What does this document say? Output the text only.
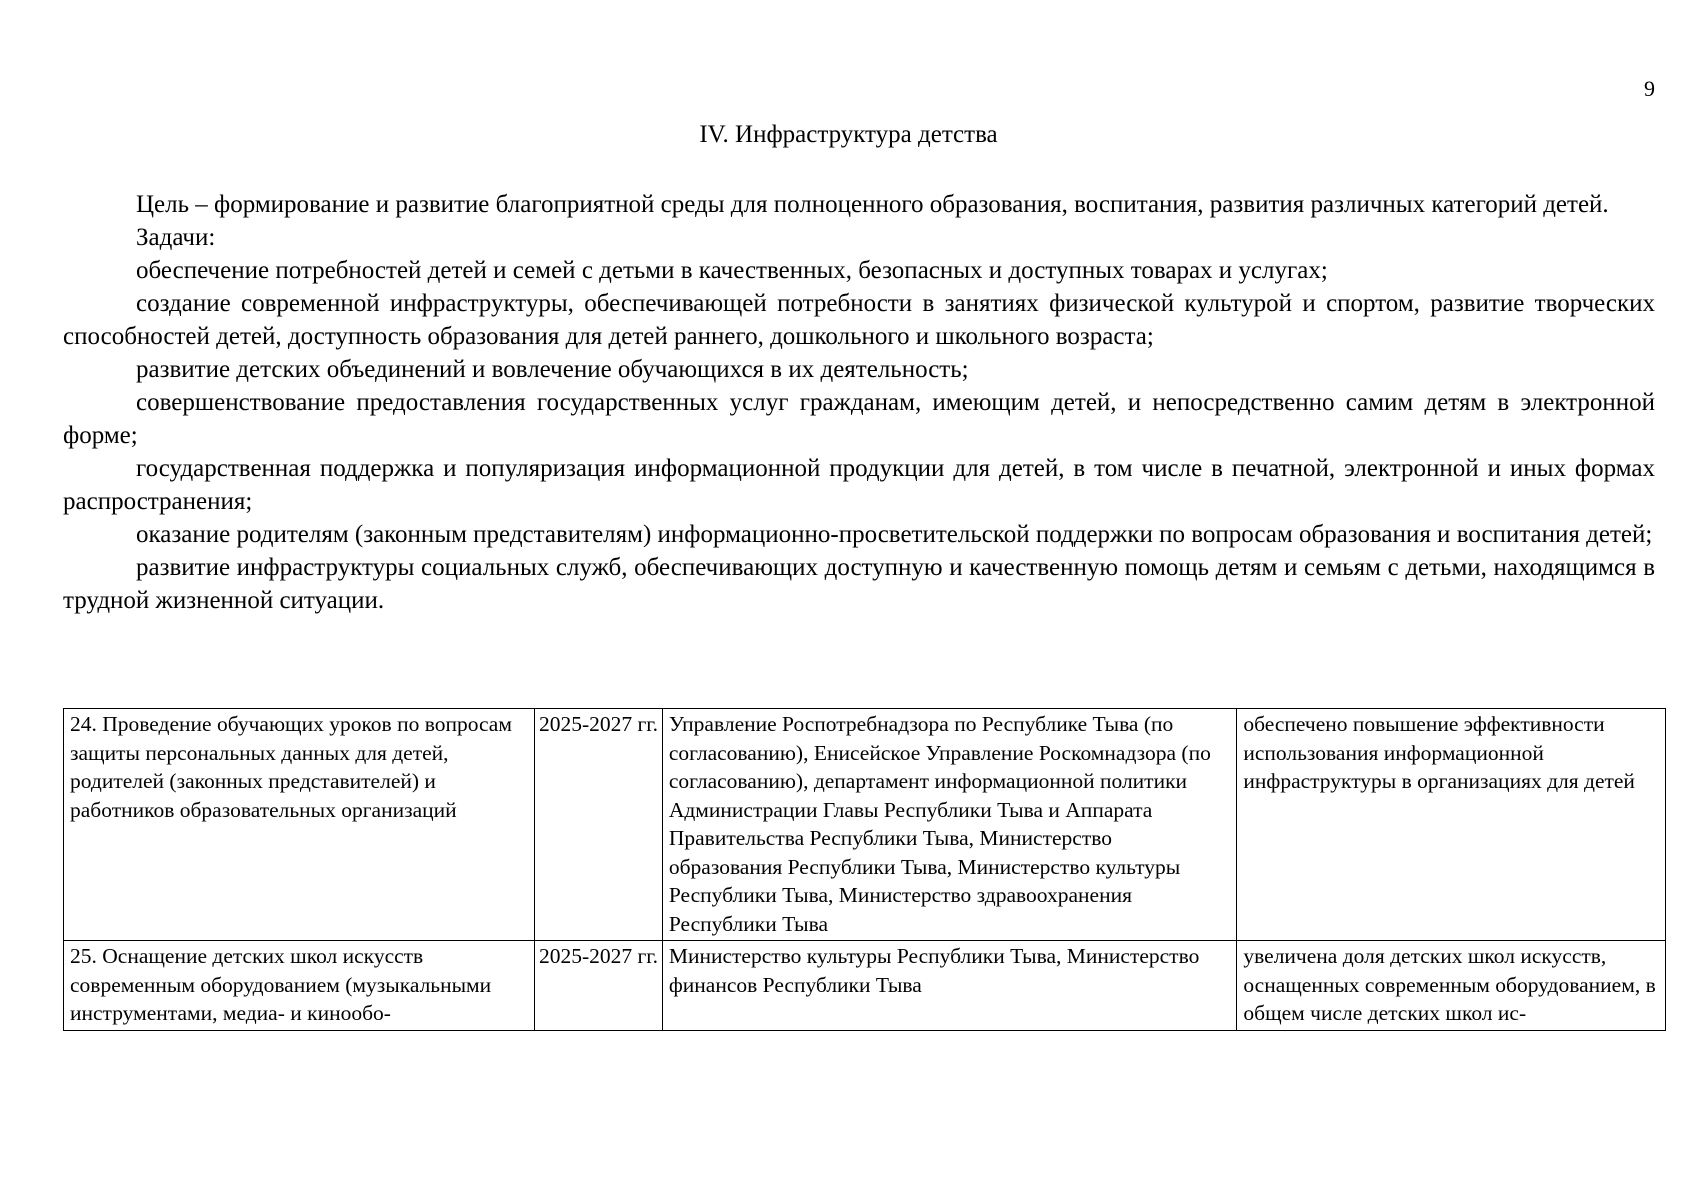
9
IV. Инфраструктура детства

Цель – формирование и развитие благоприятной среды для полноценного образования, воспитания, развития различных категорий детей.

Задачи:

обеспечение потребностей детей и семей с детьми в качественных, безопасных и доступных товарах и услугах;

создание современной инфраструктуры, обеспечивающей потребности в занятиях физической культурой и спортом, развитие творческих способностей детей, доступность образования для детей раннего, дошкольного и школьного возраста;

развитие детских объединений и вовлечение обучающихся в их деятельность;

совершенствование предоставления государственных услуг гражданам, имеющим детей, и непосредственно самим детям в электронной форме;

государственная поддержка и популяризация информационной продукции для детей, в том числе в печатной, электронной и иных формах распространения;

оказание родителям (законным представителям) информационно-просветительской поддержки по вопросам образования и воспитания детей;

развитие инфраструктуры социальных служб, обеспечивающих доступную и качественную помощь детям и семьям с детьми, находящимся в трудной жизненной ситуации.

24. Проведение обучающих уроков по вопросам защиты персональных данных для детей, родителей (законных представителей) и работников образовательных организаций	2025-2027 гг.	Управление Роспотребнадзора по Республике Тыва (по согласованию), Енисейское Управление Роскомнадзора (по согласованию), департамент информационной политики Администрации Главы Республики Тыва и Аппарата Правительства Республики Тыва, Министерство образования Республики Тыва, Министерство культуры Республики Тыва, Министерство здравоохранения Республики Тыва	обеспечено повышение эффективности использования информационной инфраструктуры в организациях для детей
25. Оснащение детских школ искусств современным оборудованием (музыкальными инструментами, медиа- и кинообо-	2025-2027 гг.	Министерство культуры Республики Тыва, Министерство финансов Республики Тыва	увеличена доля детских школ искусств, оснащенных современным оборудованием, в общем числе детских школ ис-
